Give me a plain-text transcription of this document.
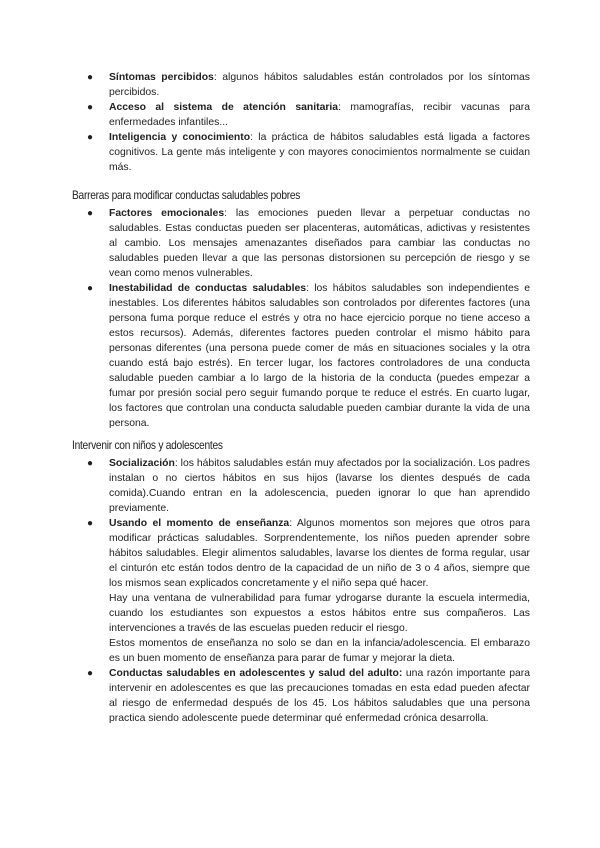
● Síntomas percibidos: algunos hábitos saludables están controlados por los síntomas percibidos.
● Acceso al sistema de atención sanitaria: mamografías, recibir vacunas para enfermedades infantiles...
● Inteligencia y conocimiento: la práctica de hábitos saludables está ligada a factores cognitivos. La gente más inteligente y con mayores conocimientos normalmente se cuidan más.
Barreras para modificar conductas saludables pobres
● Factores emocionales: las emociones pueden llevar a perpetuar conductas no saludables. Estas conductas pueden ser placenteras, automáticas, adictivas y resistentes al cambio. Los mensajes amenazantes diseñados para cambiar las conductas no saludables pueden llevar a que las personas distorsionen su percepción de riesgo y se vean como menos vulnerables.
● Inestabilidad de conductas saludables: los hábitos saludables son independientes e inestables. Los diferentes hábitos saludables son controlados por diferentes factores (una persona fuma porque reduce el estrés y otra no hace ejercicio porque no tiene acceso a estos recursos). Además, diferentes factores pueden controlar el mismo hábito para personas diferentes (una persona puede comer de más en situaciones sociales y la otra cuando está bajo estrés). En tercer lugar, los factores controladores de una conducta saludable pueden cambiar a lo largo de la historia de la conducta (puedes empezar a fumar por presión social pero seguir fumando porque te reduce el estrés. En cuarto lugar, los factores que controlan una conducta saludable pueden cambiar durante la vida de una persona.
Intervenir con niños y adolescentes
● Socialización: los hábitos saludables están muy afectados por la socialización. Los padres instalan o no ciertos hábitos en sus hijos (lavarse los dientes después de cada comida).Cuando entran en la adolescencia, pueden ignorar lo que han aprendido previamente.
● Usando el momento de enseñanza: Algunos momentos son mejores que otros para modificar prácticas saludables. Sorprendentemente, los niños pueden aprender sobre hábitos saludables. Elegir alimentos saludables, lavarse los dientes de forma regular, usar el cinturón etc están todos dentro de la capacidad de un niño de 3 o 4 años, siempre que los mismos sean explicados concretamente y el niño sepa qué hacer.

Hay una ventana de vulnerabilidad para fumar ydrogarse durante la escuela intermedia, cuando los estudiantes son expuestos a estos hábitos entre sus compañeros. Las intervenciones a través de las escuelas pueden reducir el riesgo.

Estos momentos de enseñanza no solo se dan en la infancia/adolescencia. El embarazo es un buen momento de enseñanza para parar de fumar y mejorar la dieta.

● Conductas saludables en adolescentes y salud del adulto: una razón importante para intervenir en adolescentes es que las precauciones tomadas en esta edad pueden afectar al riesgo de enfermedad después de los 45. Los hábitos saludables que una persona practica siendo adolescente puede determinar qué enfermedad crónica desarrolla.
